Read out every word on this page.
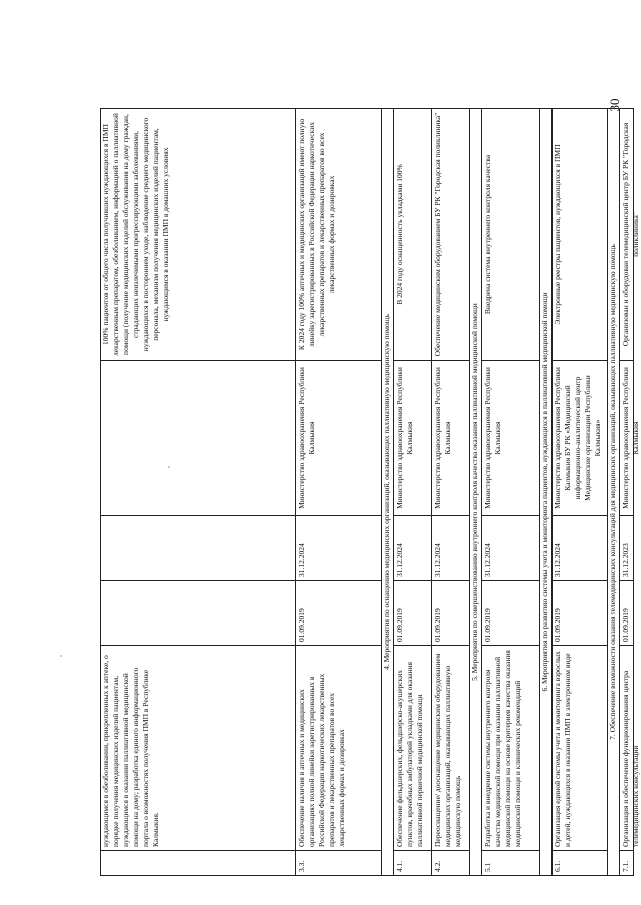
30
нуждающимся в обезболивании, прикрепленных к аптеке, о порядке получения медицинских изделий пациентам, нуждающимся в оказании паллиативной медицинской помощи на дому; разработка единого информационного портала о возможностях получения ПМП в Республике Калмыкия.
100% пациентов от общего числа получивших нуждающихся в ПМП лекарственным препаратом, обезболиванием, информацией о паллиативной помощи (получение медицинских изделий обслуживания на дому граждан, страдающих неизлечимыми прогрессирующими заболеваниями, нуждающихся в постороннем уходе, наблюдение среднего медицинского персонала, механизм получения медицинских изделий пациентам, нуждающимся в оказании ПМП в домашних условиях
3.3.
Обеспечение наличия в аптечных и медицинских организациях полной линейки зарегистрированных в Российской Федерации наркотических лекарственных препаратов и лекарственных препаратов во всех лекарственных формах и дозировках
01.09.2019
31.12.2024
Министерство здравоохранения Республики Калмыкия
К 2024 году 100% аптечных и медицинских организаций имеют полную линейку зарегистрированных в Российской Федерации наркотических лекарственных препаратов и лекарственных препаратов во всех лекарственных формах и дозировках
4. Мероприятия по оснащению медицинских организаций, оказывающих паллиативную медицинскую помощь
4.1.
Обеспечение фельдшерских, фельдшерско-акушерских пунктов, врачебных амбулаторий укладками для оказания паллиативной первичной медицинской помощи
01.09.2019
31.12.2024
Министерство здравоохранения Республики Калмыкия
В 2024 году оснащенность укладками 100%
4.2.
Переоснащение/ дооснащение медицинским оборудованием медицинских организаций, оказывающих паллиативную медицинскую помощь
01.09.2019
31.12.2024
Министерство здравоохранения Республики Калмыкия
Обеспечение медицинским оборудованием БУ РК "Городская поликлиника"
5. Мероприятия по совершенствованию внутреннего контроля качества оказания паллиативной медицинской помощи
5.1
Разработка и внедрение системы внутреннего контроля качества медицинской помощи при оказании паллиативной медицинской помощи на основе критериев качества оказания медицинской помощи и клинических рекомендаций
01.09.2019
31.12.2024
Министерство здравоохранения Республики Калмыкия
Внедрена система внутреннего контроля качества
6. Мероприятия по развитию системы учета и мониторинга пациентов, нуждающихся в паллиативной медицинской помощи
6.1.
Организация единой системы учета и мониторинга взрослых и детей, нуждающихся в оказании ПМП в электронном виде
01.09.2019
31.12.2024
Министерство здравоохранения Республики Калмыкия БУ РК «Медицинский информационно-аналитический центр Медицинские организации Республики Калмыкия»
Электронные реестры пациентов, нуждающихся в ПМП
7. Обеспечение возможности оказания телемедицинских консультаций для медицинских организаций, оказывающих паллиативную медицинскую помощь
7.1.
Организация и обеспечение функционирования центра телемедицинских консультаций
01.09.2019
31.12.2023
Министерство здравоохранения Республики Калмыкия
Организован и оборудован телемедицинский центр БУ РК "Городская поликлиника"
